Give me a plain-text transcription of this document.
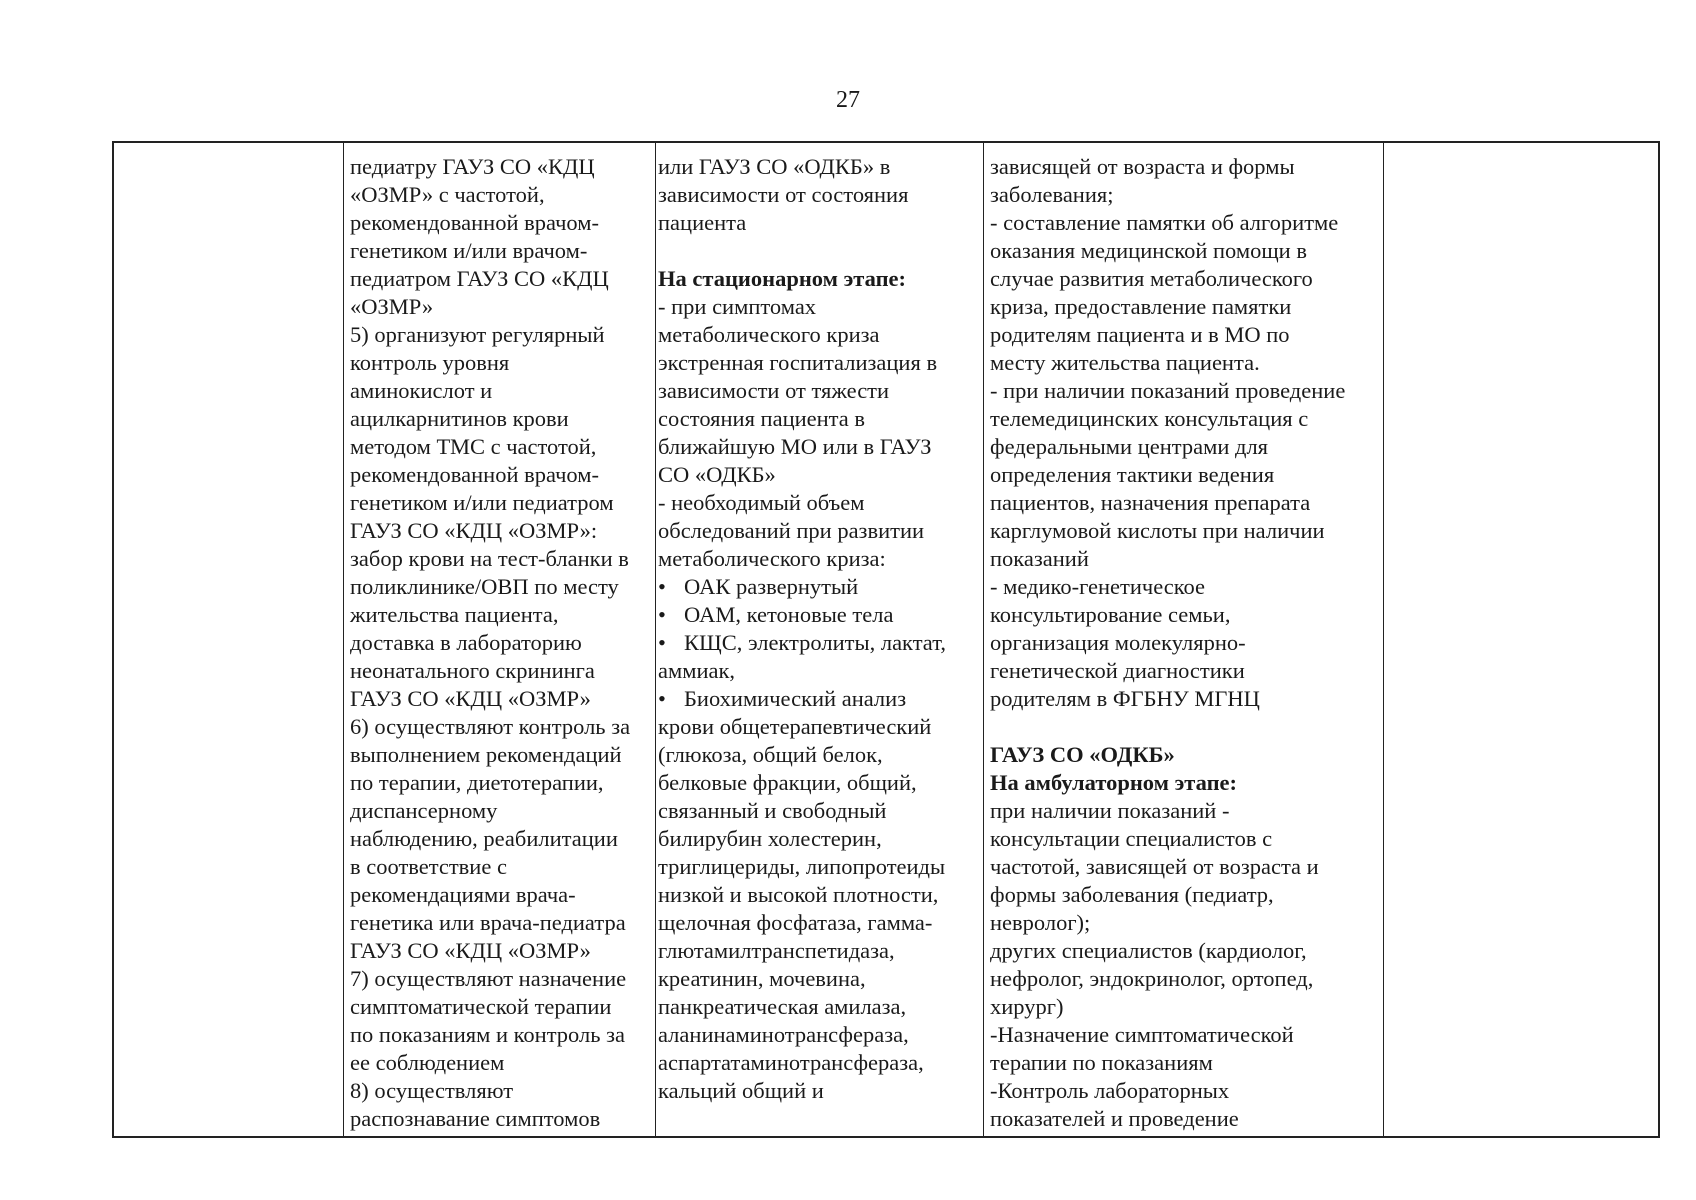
27
педиатру ГАУЗ СО «КДЦ
«ОЗМР» с частотой,
рекомендованной врачом-
генетиком и/или врачом-
педиатром ГАУЗ СО «КДЦ
«ОЗМР»
5) организуют регулярный
контроль уровня
аминокислот и
ацилкарнитинов крови
методом ТМС с частотой,
рекомендованной врачом-
генетиком и/или педиатром
ГАУЗ СО «КДЦ «ОЗМР»:
забор крови на тест-бланки в
поликлинике/ОВП по месту
жительства пациента,
доставка в лабораторию
неонатального скрининга
ГАУЗ СО «КДЦ «ОЗМР»
6) осуществляют контроль за
выполнением рекомендаций
по терапии, диетотерапии,
диспансерному
наблюдению, реабилитации
в соответствие с
рекомендациями врача-
генетика или врача-педиатра
ГАУЗ СО «КДЦ «ОЗМР»
7) осуществляют назначение
симптоматической терапии
по показаниям и контроль за
ее соблюдением
8) осуществляют
распознавание симптомов
или ГАУЗ СО «ОДКБ» в
зависимости от состояния
пациента
На стационарном этапе:
- при симптомах
метаболического криза
экстренная госпитализация в
зависимости от тяжести
состояния пациента в
ближайшую МО или в ГАУЗ
СО «ОДКБ»
- необходимый объем
обследований при развитии
метаболического криза:
• ОАК развернутый
• ОАМ, кетоновые тела
• КЩС, электролиты, лактат,
аммиак,
• Биохимический анализ
крови общетерапевтический
(глюкоза, общий белок,
белковые фракции, общий,
связанный и свободный
билирубин холестерин,
триглицериды, липопротеиды
низкой и высокой плотности,
щелочная фосфатаза, гамма-
глютамилтранспетидаза,
креатинин, мочевина,
панкреатическая амилаза,
аланинаминотрансфераза,
аспартатаминотрансфераза,
кальций общий и
зависящей от возраста и формы
заболевания;
- составление памятки об алгоритме
оказания медицинской помощи в
случае развития метаболического
криза, предоставление памятки
родителям пациента и в МО по
месту жительства пациента.
- при наличии показаний проведение
телемедицинских консультация с
федеральными центрами для
определения тактики ведения
пациентов, назначения препарата
карглумовой кислоты при наличии
показаний
- медико-генетическое
консультирование семьи,
организация молекулярно-
генетической диагностики
родителям в ФГБНУ МГНЦ
ГАУЗ СО «ОДКБ»
На амбулаторном этапе:
при наличии показаний -
консультации специалистов с
частотой, зависящей от возраста и
формы заболевания (педиатр,
невролог);
других специалистов (кардиолог,
нефролог, эндокринолог, ортопед,
хирург)
-Назначение симптоматической
терапии по показаниям
-Контроль лабораторных
показателей и проведение
